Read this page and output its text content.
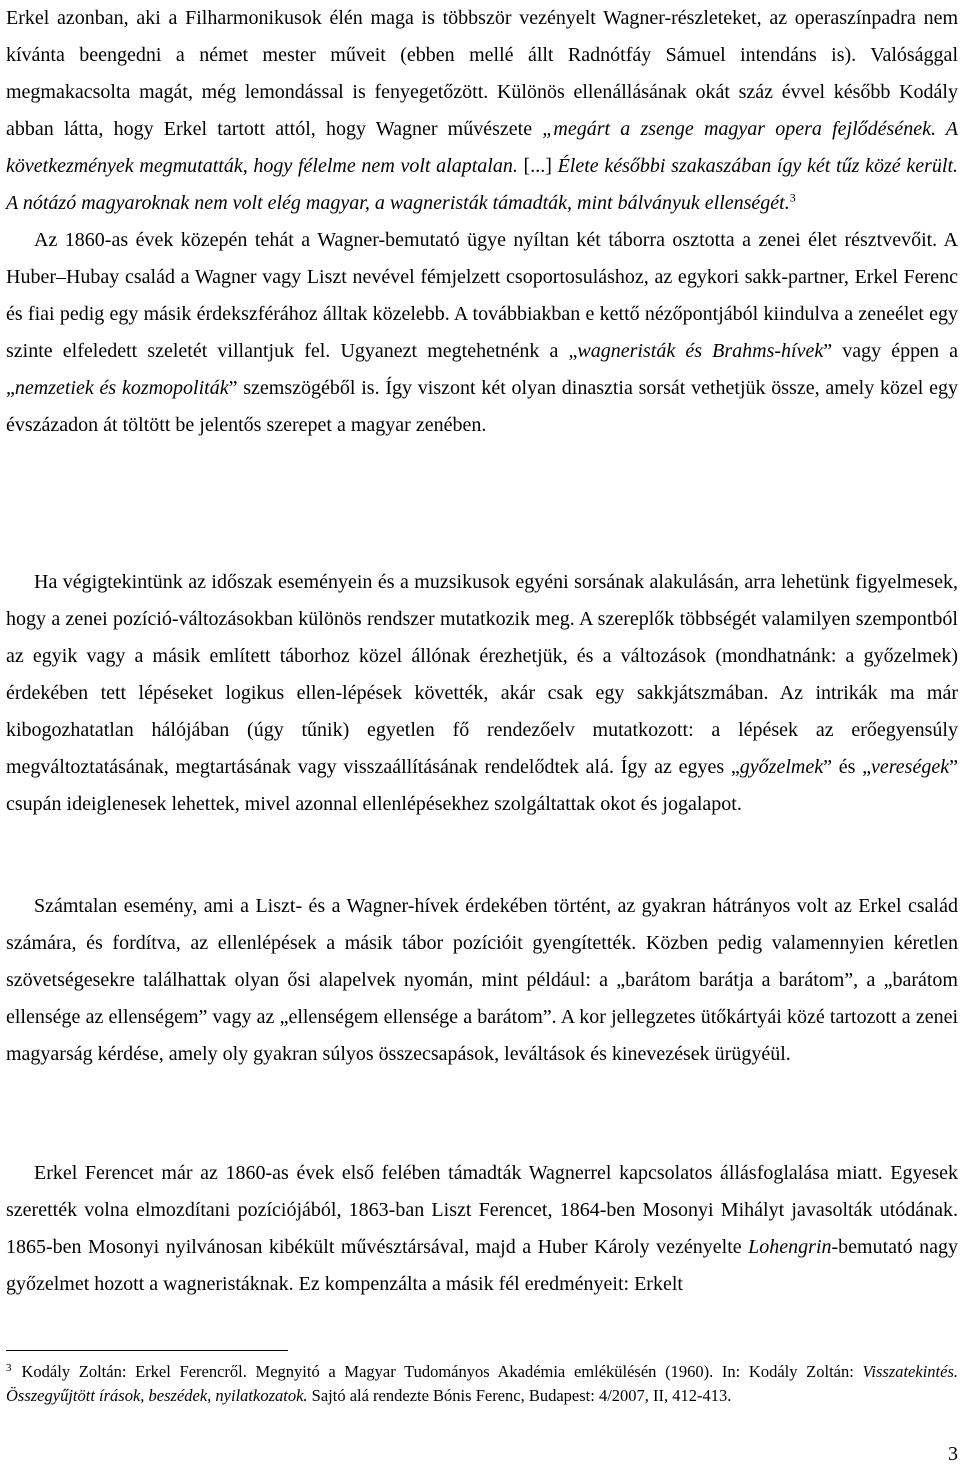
Erkel azonban, aki a Filharmonikusok élén maga is többször vezényelt Wagner-részleteket, az operaszínpadra nem kívánta beengedni a német mester műveit (ebben mellé állt Radnótfáy Sámuel intendáns is). Valósággal megmakacsolta magát, még lemondással is fenyegetőzött. Különös ellenállásának okát száz évvel később Kodály abban látta, hogy Erkel tartott attól, hogy Wagner művészete „megárt a zsenge magyar opera fejlődésének. A következmények megmutatták, hogy félelme nem volt alaptalan. [...] Élete későbbi szakaszában így két tűz közé került. A nótázó magyaroknak nem volt elég magyar, a wagneristák támadták, mint bálványuk ellenségét.$^3$
Az 1860-as évek közepén tehát a Wagner-bemutató ügye nyíltan két táborra osztotta a zenei élet résztvevőit. A Huber–Hubay család a Wagner vagy Liszt nevével fémjelzett csoportosuláshoz, az egykori sakk-partner, Erkel Ferenc és fiai pedig egy másik érdekszférához álltak közelebb. A továbbiakban e kettő nézőpontjából kiindulva a zeneélet egy szinte elfeledett szeletét villantjuk fel. Ugyanezt megtehetnénk a „wagneristák és Brahms-hívek” vagy éppen a „nemzetiek és kozmopoliták” szemszögéből is. Így viszont két olyan dinasztia sorsát vethetjük össze, amely közel egy évszázadon át töltött be jelentős szerepet a magyar zenében.

Ha végigtekintünk az időszak eseményein és a muzsikusok egyéni sorsának alakulásán, arra lehetünk figyelmesek, hogy a zenei pozíció-változásokban különös rendszer mutatkozik meg. A szereplők többségét valamilyen szempontból az egyik vagy a másik említett táborhoz közel állónak érezhetjük, és a változások (mondhatnánk: a győzelmek) érdekében tett lépéseket logikus ellen-lépések követték, akár csak egy sakkjátszmában. Az intrikák ma már kibogozhatatlan hálójában (úgy tűnik) egyetlen fő rendezőelv mutatkozott: a lépések az erőegyensúly megváltoztatásának, megtartásának vagy visszaállításának rendelődtek alá. Így az egyes „győzelmek” és „vereségek” csupán ideiglenesek lehettek, mivel azonnal ellenlépésekhez szolgáltattak okot és jogalapot.

Számtalan esemény, ami a Liszt- és a Wagner-hívek érdekében történt, az gyakran hátrányos volt az Erkel család számára, és fordítva, az ellenlépések a másik tábor pozícióit gyengítették. Közben pedig valamennyien kéretlen szövetségesekre találhattak olyan ősi alapelvek nyomán, mint például: a „barátom barátja a barátom”, a „barátom ellensége az ellenségem” vagy az „ellenségem ellensége a barátom”. A kor jellegzetes ütőkártyái közé tartozott a zenei magyarság kérdése, amely oly gyakran súlyos összecsapások, leváltások és kinevezések ürügyéül.

Erkel Ferencet már az 1860-as évek első felében támadták Wagnerrel kapcsolatos állásfoglalása miatt. Egyesek szerették volna elmozdítani pozíciójából, 1863-ban Liszt Ferencet, 1864-ben Mosonyi Mihályt javasolták utódának. 1865-ben Mosonyi nyilvánosan kibékült művésztársával, majd a Huber Károly vezényelte Lohengrin-bemutató nagy győzelmet hozott a wagneristáknak. Ez kompenzálta a másik fél eredményeit: Erkelt

$^3$ Kodály Zoltán: Erkel Ferencről. Megnyitó a Magyar Tudományos Akadémia emlékülésén (1960). In: Kodály Zoltán: Visszatekintés. Összegyűjtött írások, beszédek, nyilatkozatok. Sajtó alá rendezte Bónis Ferenc, Budapest: 4/2007, II, 412-413.

3
